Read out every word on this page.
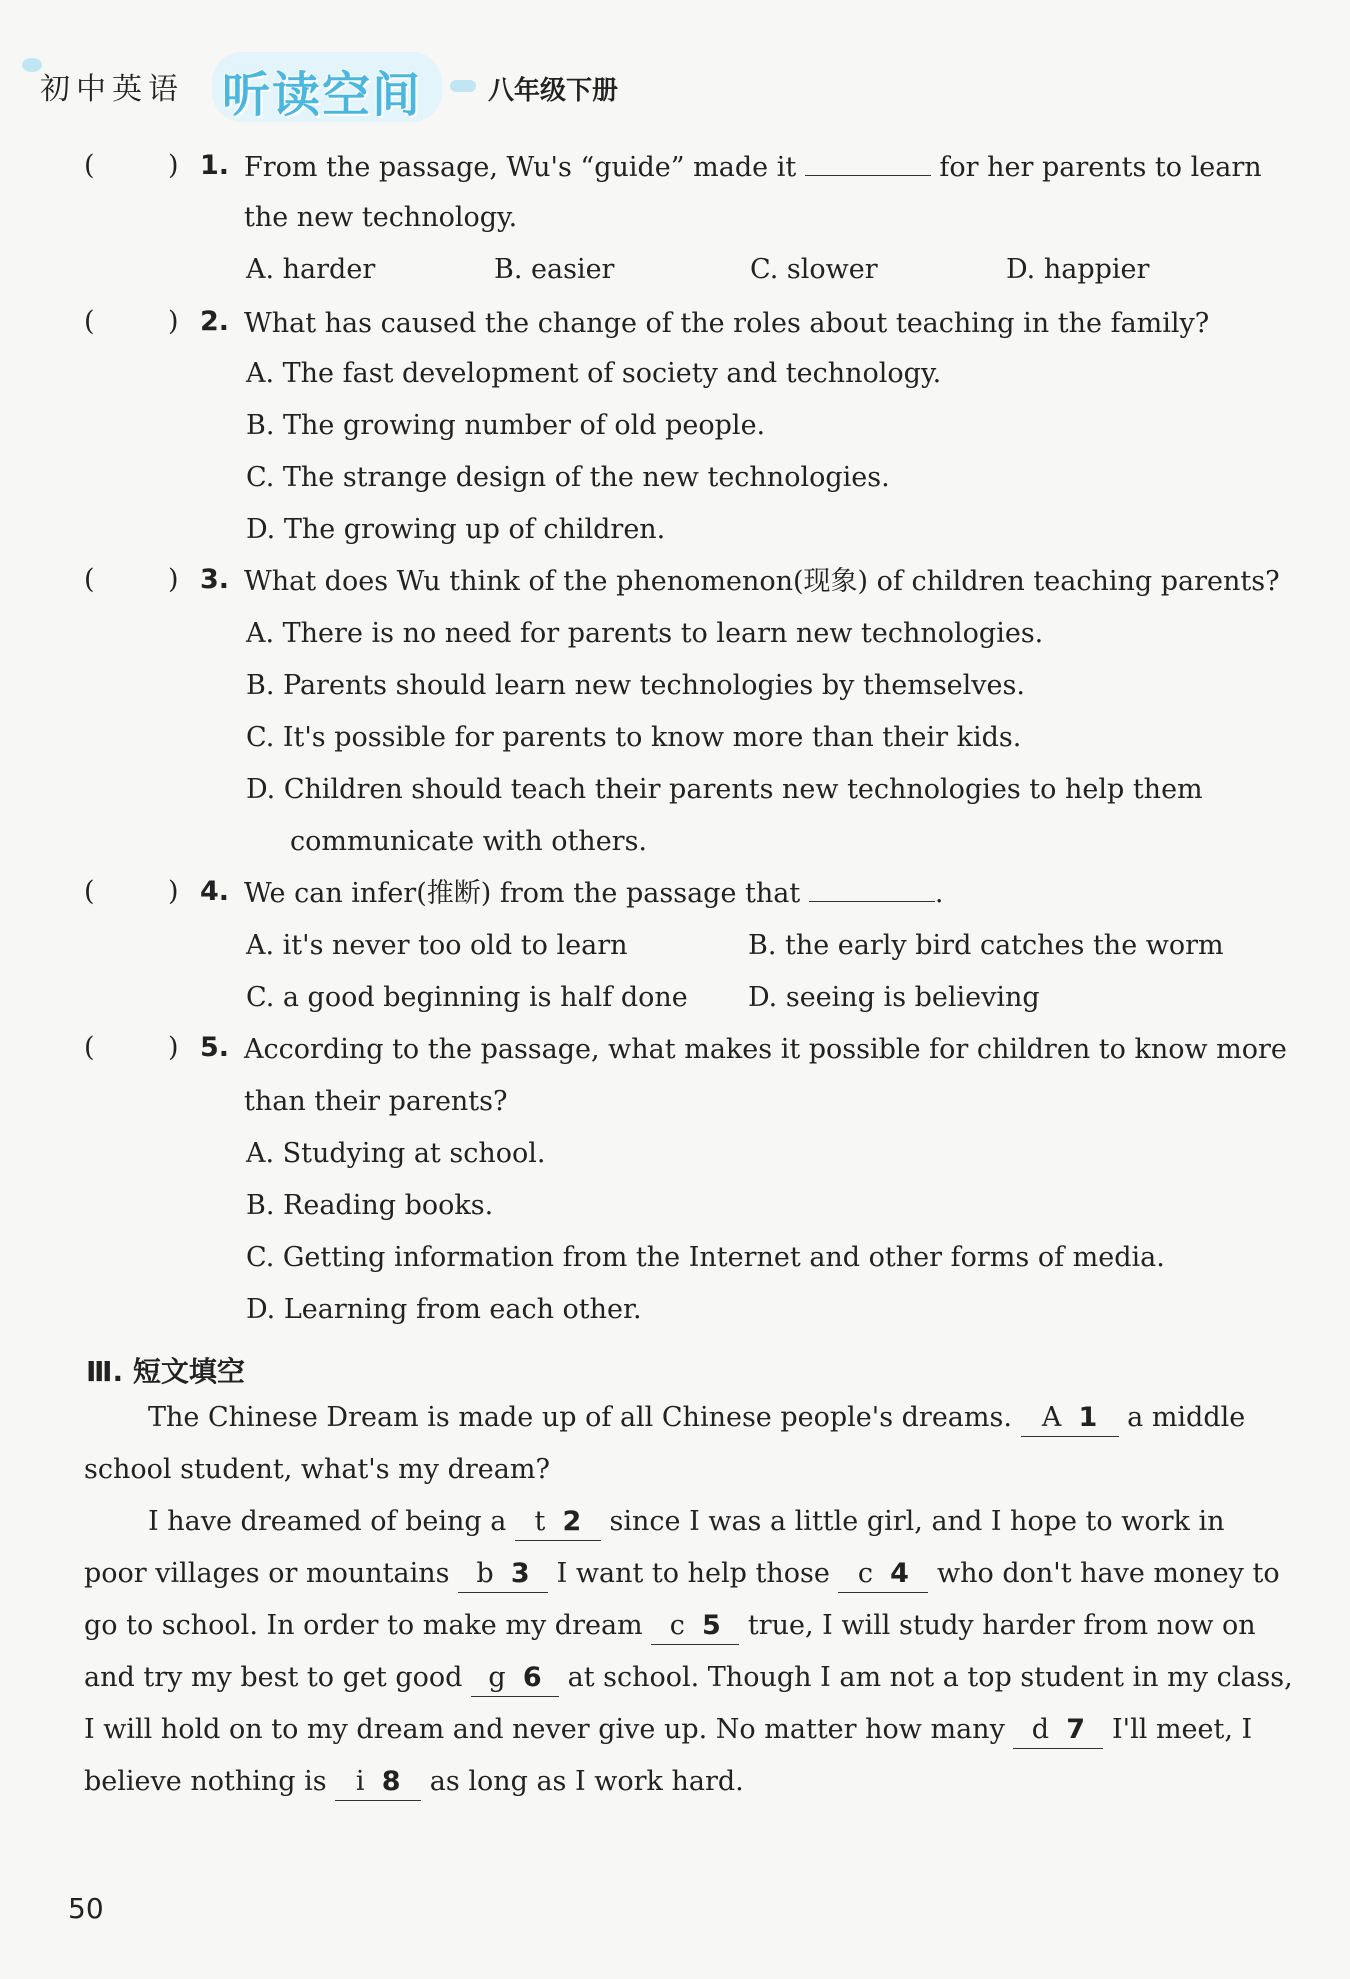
初中英语 听读空间	八年级下册
(	) 1. From the passage, Wu's “guide” made it	for her parents to learn
the new technology.
A. harder	B. easier	C. slower	D. happier
(	) 2. What has caused the change of the roles about teaching in the family?
A. The fast development of society and technology.
B. The growing number of old people.
C. The strange design of the new technologies.
D. The growing up of children.
(	) 3. What does Wu think of the phenomenon(现象) of children teaching parents?
A. There is no need for parents to learn new technologies.
B. Parents should learn new technologies by themselves.
C. It's possible for parents to know more than their kids.
D. Children should teach their parents new technologies to help them
communicate with others.
(	) 4. We can infer(推断) from the passage that	.
A. it's never too old to learn	B. the early bird catches the worm
C. a good beginning is half done D. seeing is believing
(	) 5. According to the passage, what makes it possible for children to know more
than their parents?
A. Studying at school.
B. Reading books.
C. Getting information from the Internet and other forms of media.
D. Learning from each other.
Ⅲ. 短文填空
The Chinese Dream is made up of all Chinese people's dreams. A 1 a middle
school student, what's my dream?
I have dreamed of being a t 2 since I was a little girl, and I hope to work in
poor villages or mountains b 3 I want to help those c 4 who don't have money to
go to school. In order to make my dream c 5 true, I will study harder from now on
and try my best to get good g 6 at school. Though I am not a top student in my class,
I will hold on to my dream and never give up. No matter how many d 7 I'll meet, I
believe nothing is i 8 as long as I work hard.
50
